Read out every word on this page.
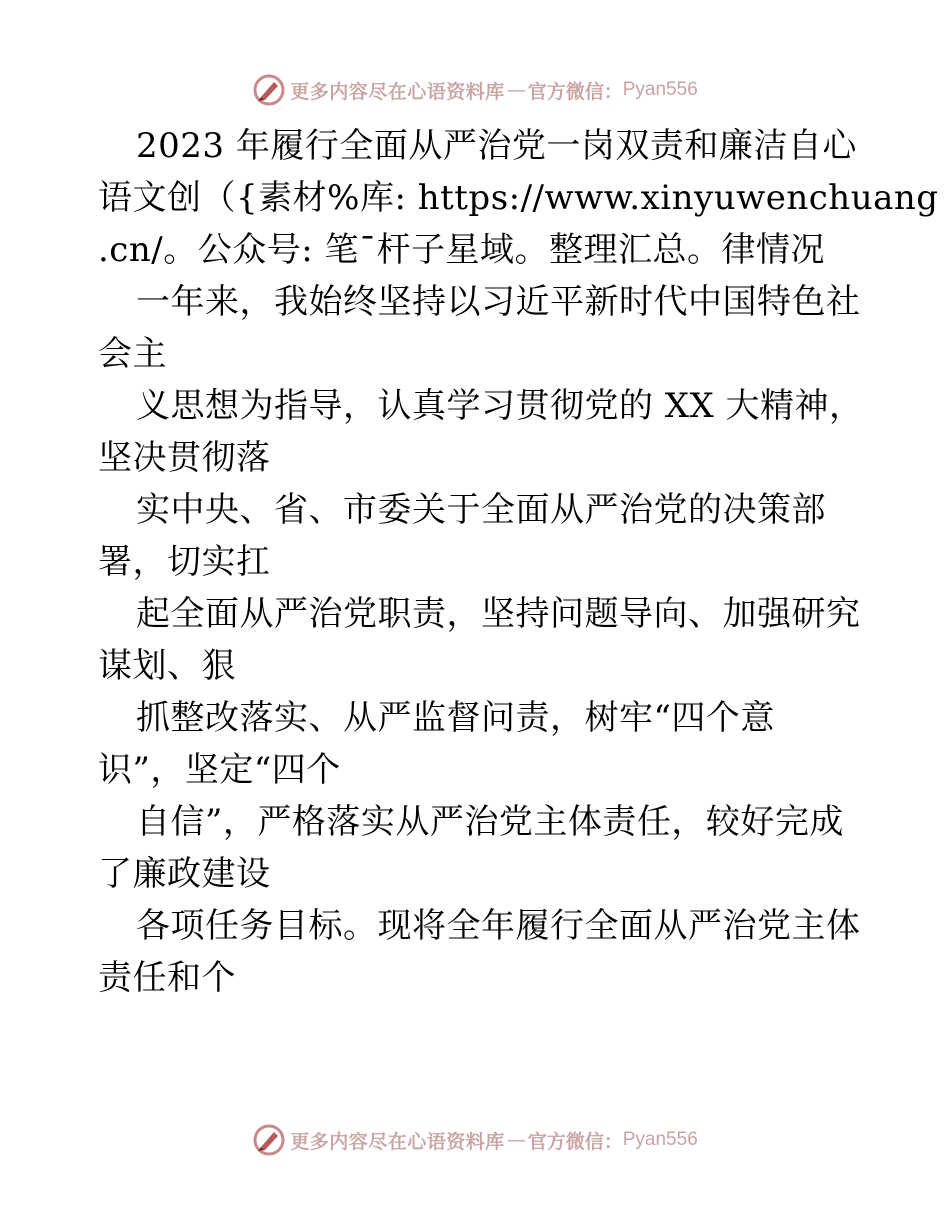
更多内容尽在心语资料库 — 官方微信： Pyan556
2023 年履行全面从严治党一岗双责和廉洁自心
语文创（{素材%库: https://www.xinyuwenchuang
.cn/。公众号: 笔¯杆子星域。整理汇总。律情况
一年来，我始终坚持以习近平新时代中国特色社
会主
义思想为指导，认真学习贯彻党的 XX 大精神，
坚决贯彻落
实中央、省、市委关于全面从严治党的决策部
署，切实扛
起全面从严治党职责，坚持问题导向、加强研究
谋划、狠
抓整改落实、从严监督问责，树牢“四个意
识”，坚定“四个
自信”，严格落实从严治党主体责任，较好完成
了廉政建设
各项任务目标。现将全年履行全面从严治党主体
责任和个
更多内容尽在心语资料库 — 官方微信： Pyan556
